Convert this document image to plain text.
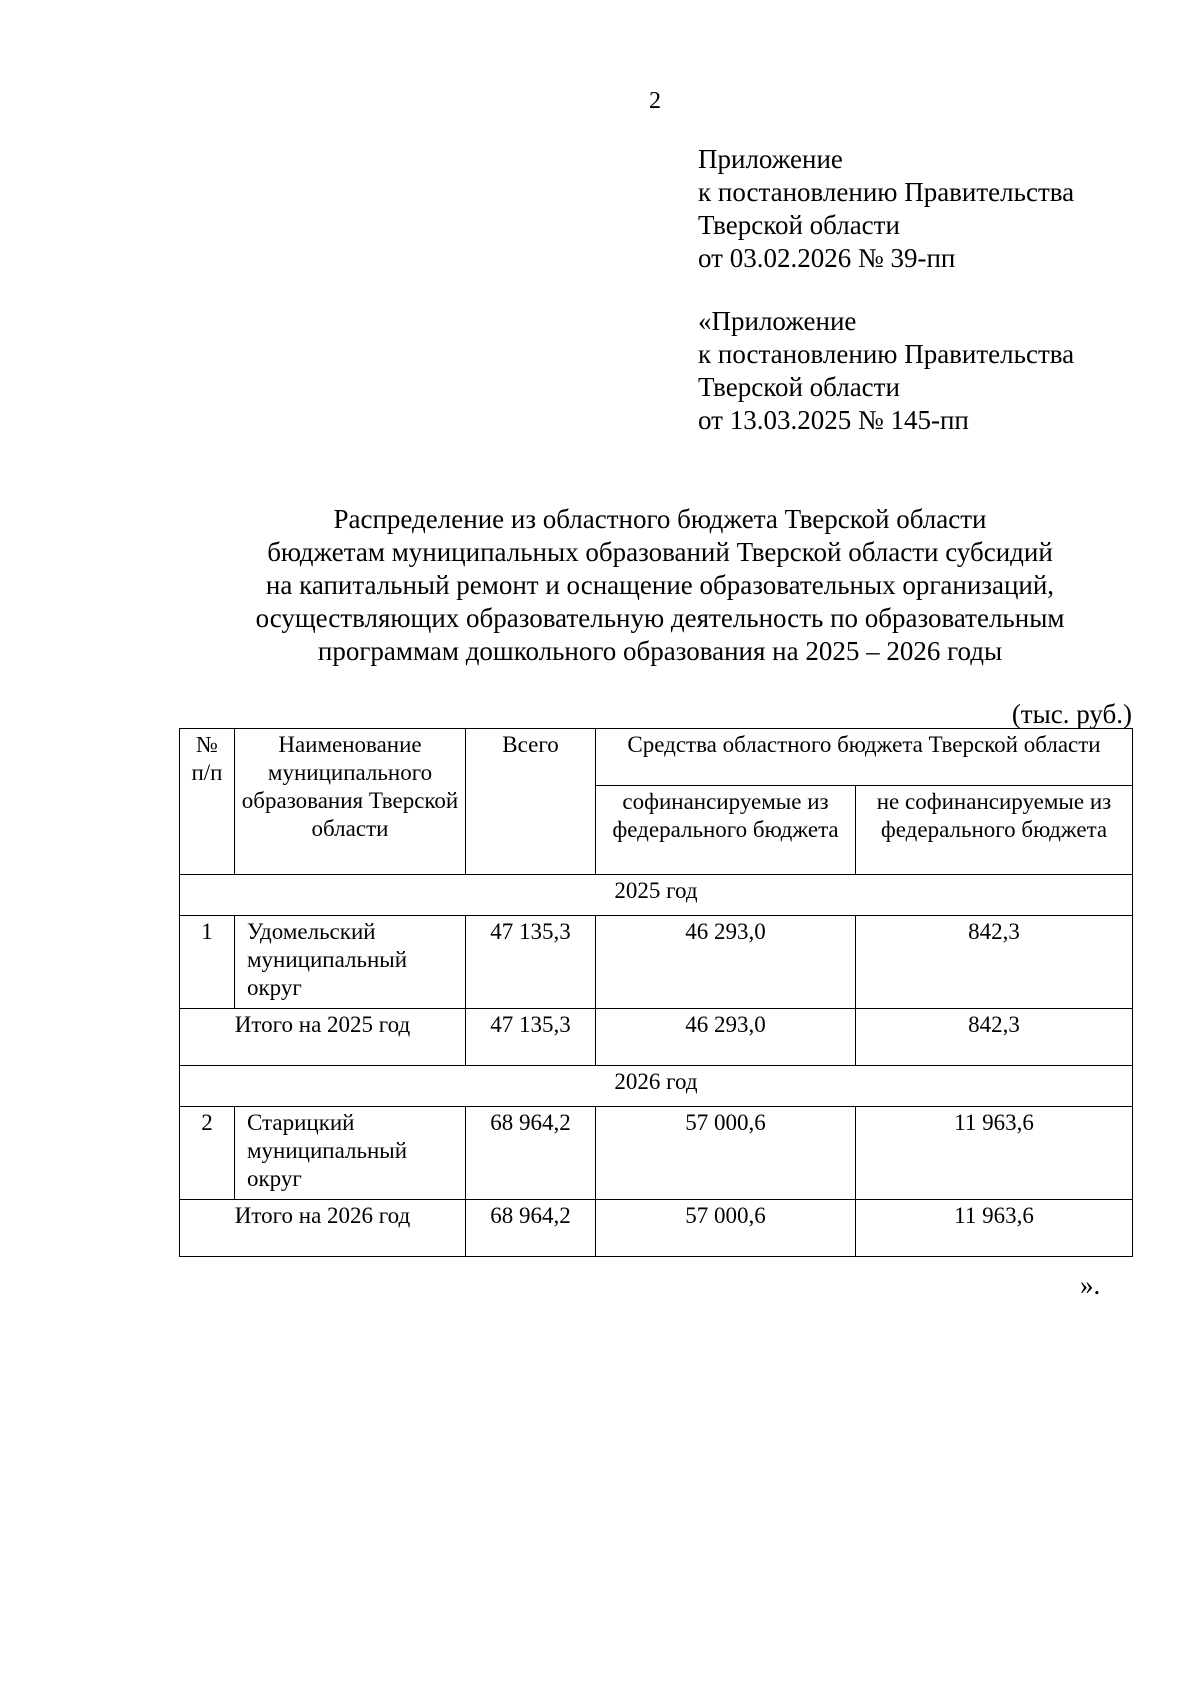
2
Приложение
к постановлению Правительства
Тверской области
от 03.02.2026 № 39-пп
«Приложение
к постановлению Правительства
Тверской области
от 13.03.2025 № 145-пп
Распределение из областного бюджета Тверской области
бюджетам муниципальных образований Тверской области субсидий
на капитальный ремонт и оснащение образовательных организаций,
осуществляющих образовательную деятельность по образовательным
программам дошкольного образования на 2025 – 2026 годы
(тыс. руб.)
№ п/п	Наименование муниципального образования Тверской области	Всего	Средства областного бюджета Тверской области	
			софинансируемые из федерального бюджета	не софинансируемые из федерального бюджета
2025 год				
1	Удомельский муниципальный округ	47 135,3	46 293,0	842,3
Итого на 2025 год		47 135,3	46 293,0	842,3
2026 год				
2	Старицкий муниципальный округ	68 964,2	57 000,6	11 963,6
Итого на 2026 год		68 964,2	57 000,6	11 963,6
».
